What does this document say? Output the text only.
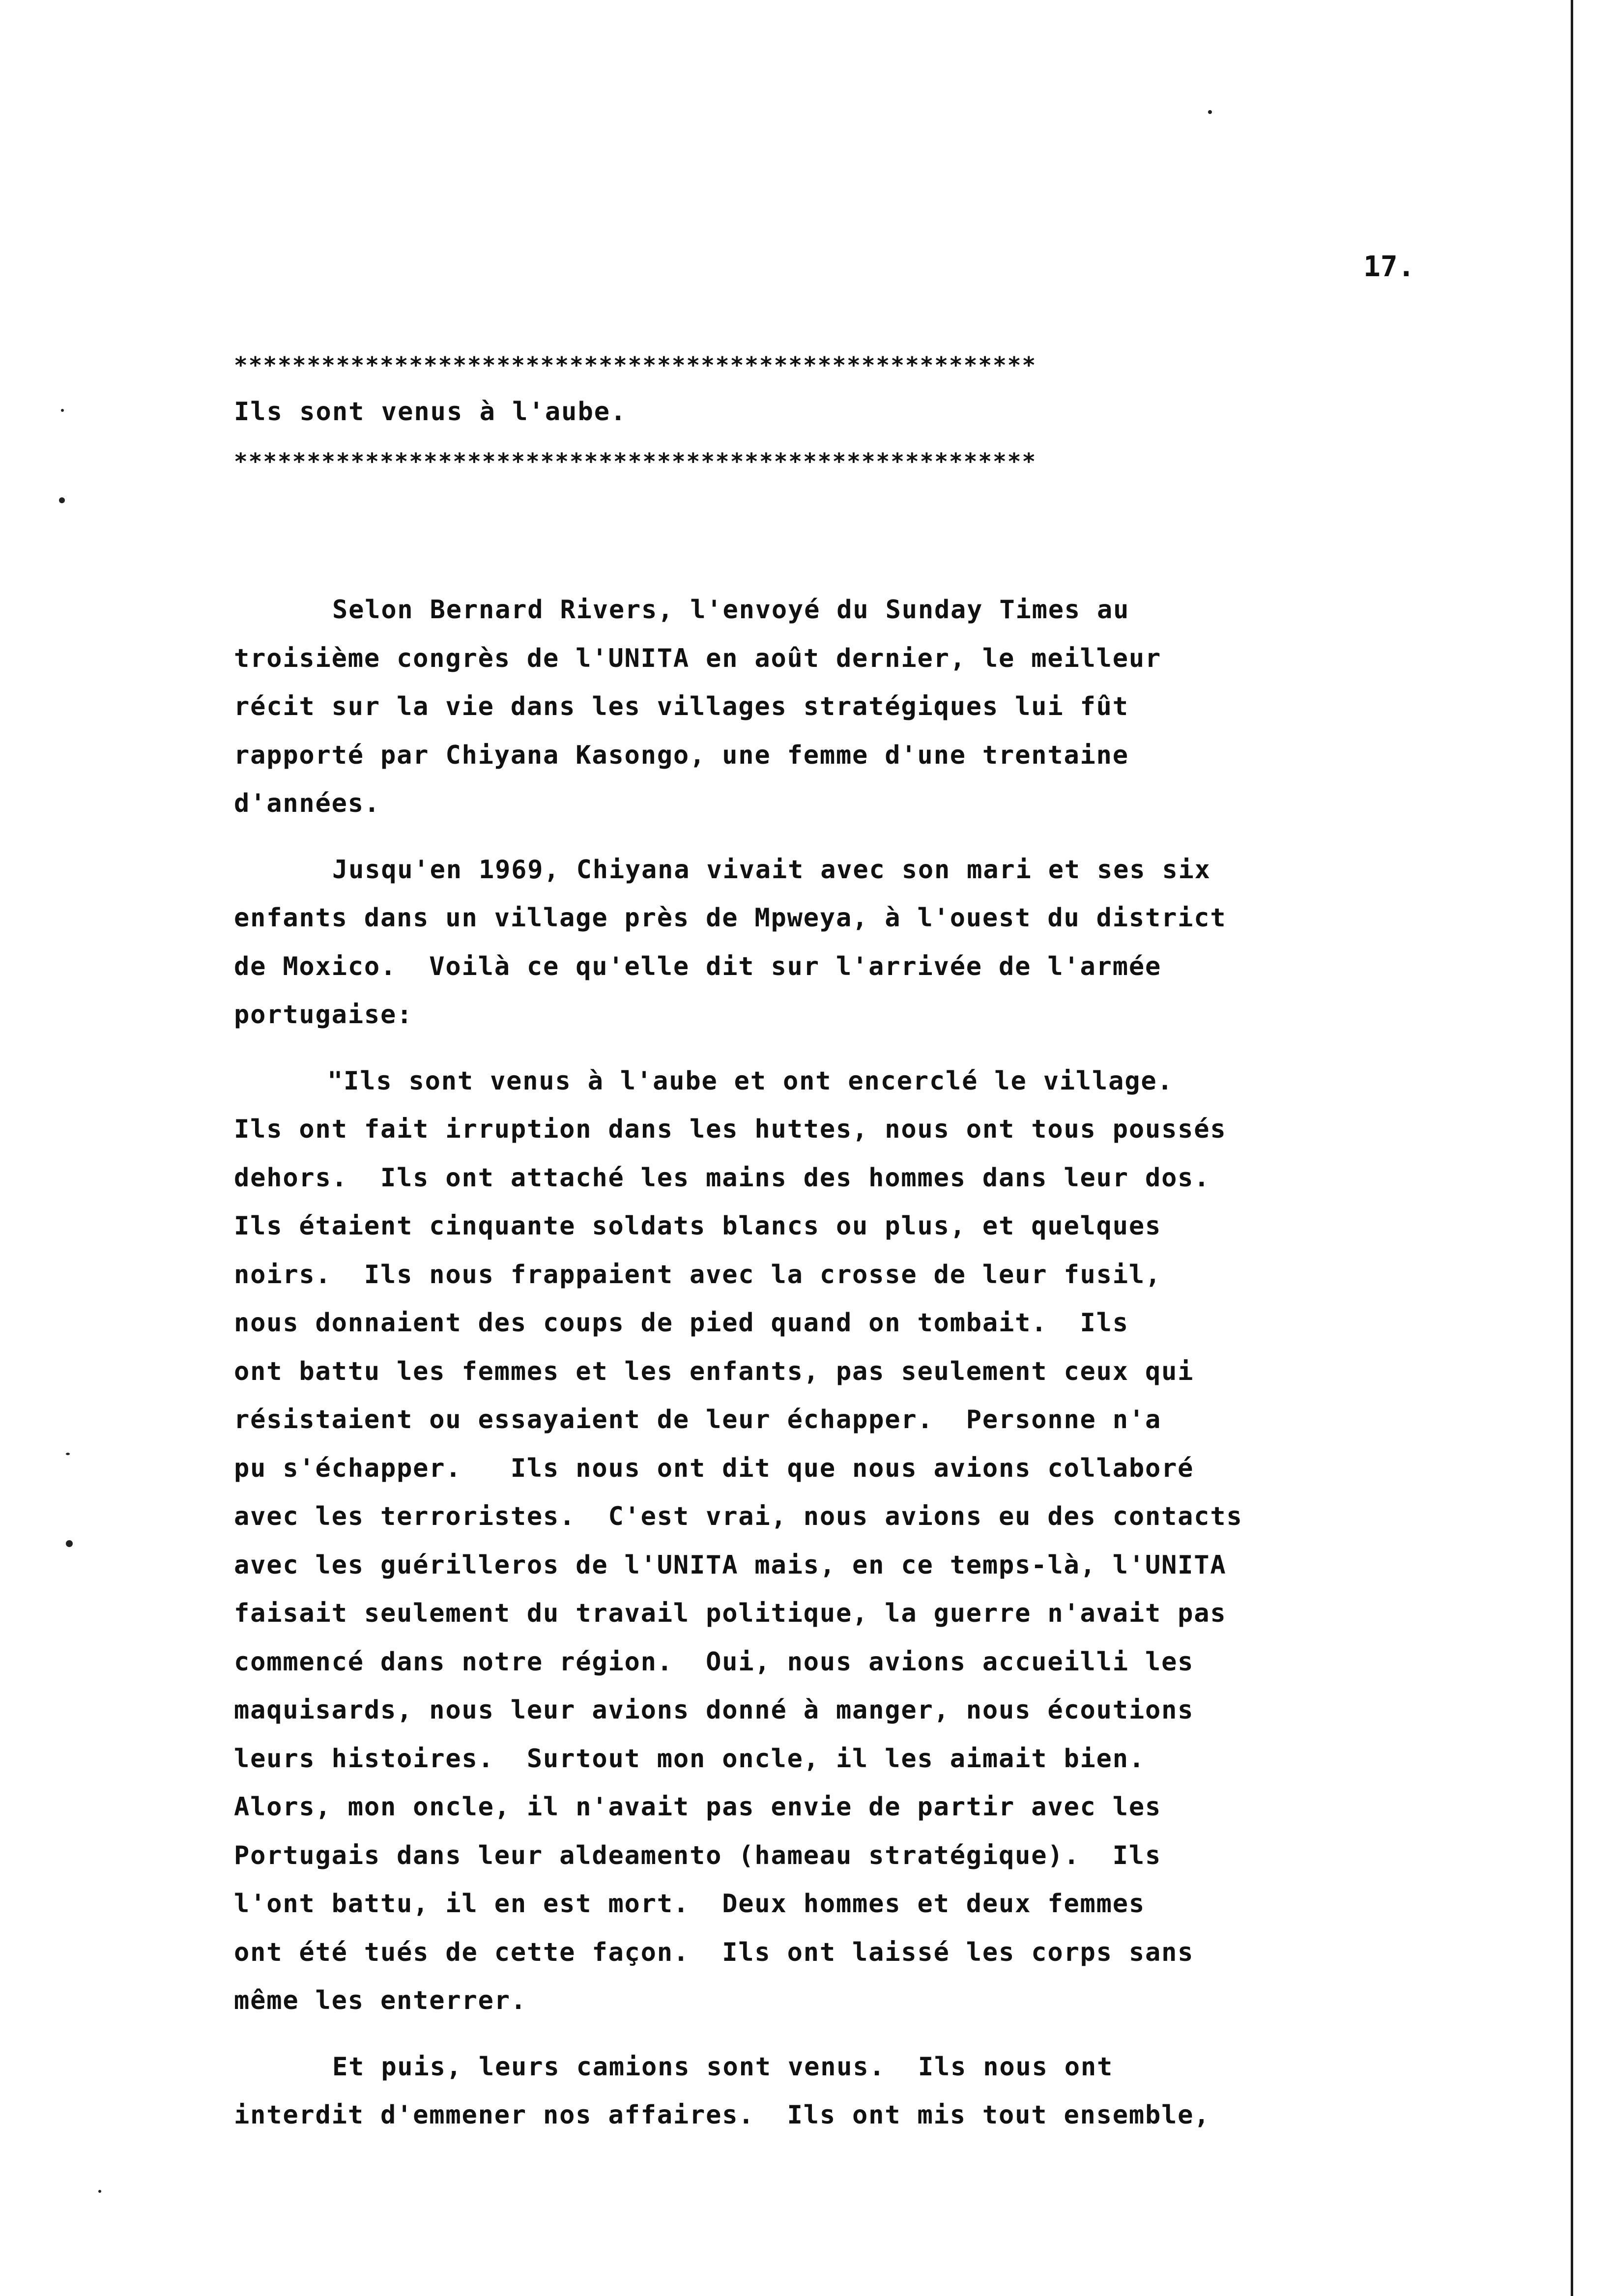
17.
*******************************************************
Ils sont venus à l'aube.
*******************************************************
Selon Bernard Rivers, l'envoyé du Sunday Times au
troisième congrès de l'UNITA en août dernier, le meilleur
récit sur la vie dans les villages stratégiques lui fût
rapporté par Chiyana Kasongo, une femme d'une trentaine
d'années.
Jusqu'en 1969, Chiyana vivait avec son mari et ses six
enfants dans un village près de Mpweya, à l'ouest du district
de Moxico.  Voilà ce qu'elle dit sur l'arrivée de l'armée
portugaise:
"Ils sont venus à l'aube et ont encerclé le village.
Ils ont fait irruption dans les huttes, nous ont tous poussés
dehors.  Ils ont attaché les mains des hommes dans leur dos.
Ils étaient cinquante soldats blancs ou plus, et quelques
noirs.  Ils nous frappaient avec la crosse de leur fusil,
nous donnaient des coups de pied quand on tombait.  Ils
ont battu les femmes et les enfants, pas seulement ceux qui
résistaient ou essayaient de leur échapper.  Personne n'a
pu s'échapper.   Ils nous ont dit que nous avions collaboré
avec les terroristes.  C'est vrai, nous avions eu des contacts
avec les guérilleros de l'UNITA mais, en ce temps-là, l'UNITA
faisait seulement du travail politique, la guerre n'avait pas
commencé dans notre région.  Oui, nous avions accueilli les
maquisards, nous leur avions donné à manger, nous écoutions
leurs histoires.  Surtout mon oncle, il les aimait bien.
Alors, mon oncle, il n'avait pas envie de partir avec les
Portugais dans leur aldeamento (hameau stratégique).  Ils
l'ont battu, il en est mort.  Deux hommes et deux femmes
ont été tués de cette façon.  Ils ont laissé les corps sans
même les enterrer.
Et puis, leurs camions sont venus.  Ils nous ont
interdit d'emmener nos affaires.  Ils ont mis tout ensemble,
